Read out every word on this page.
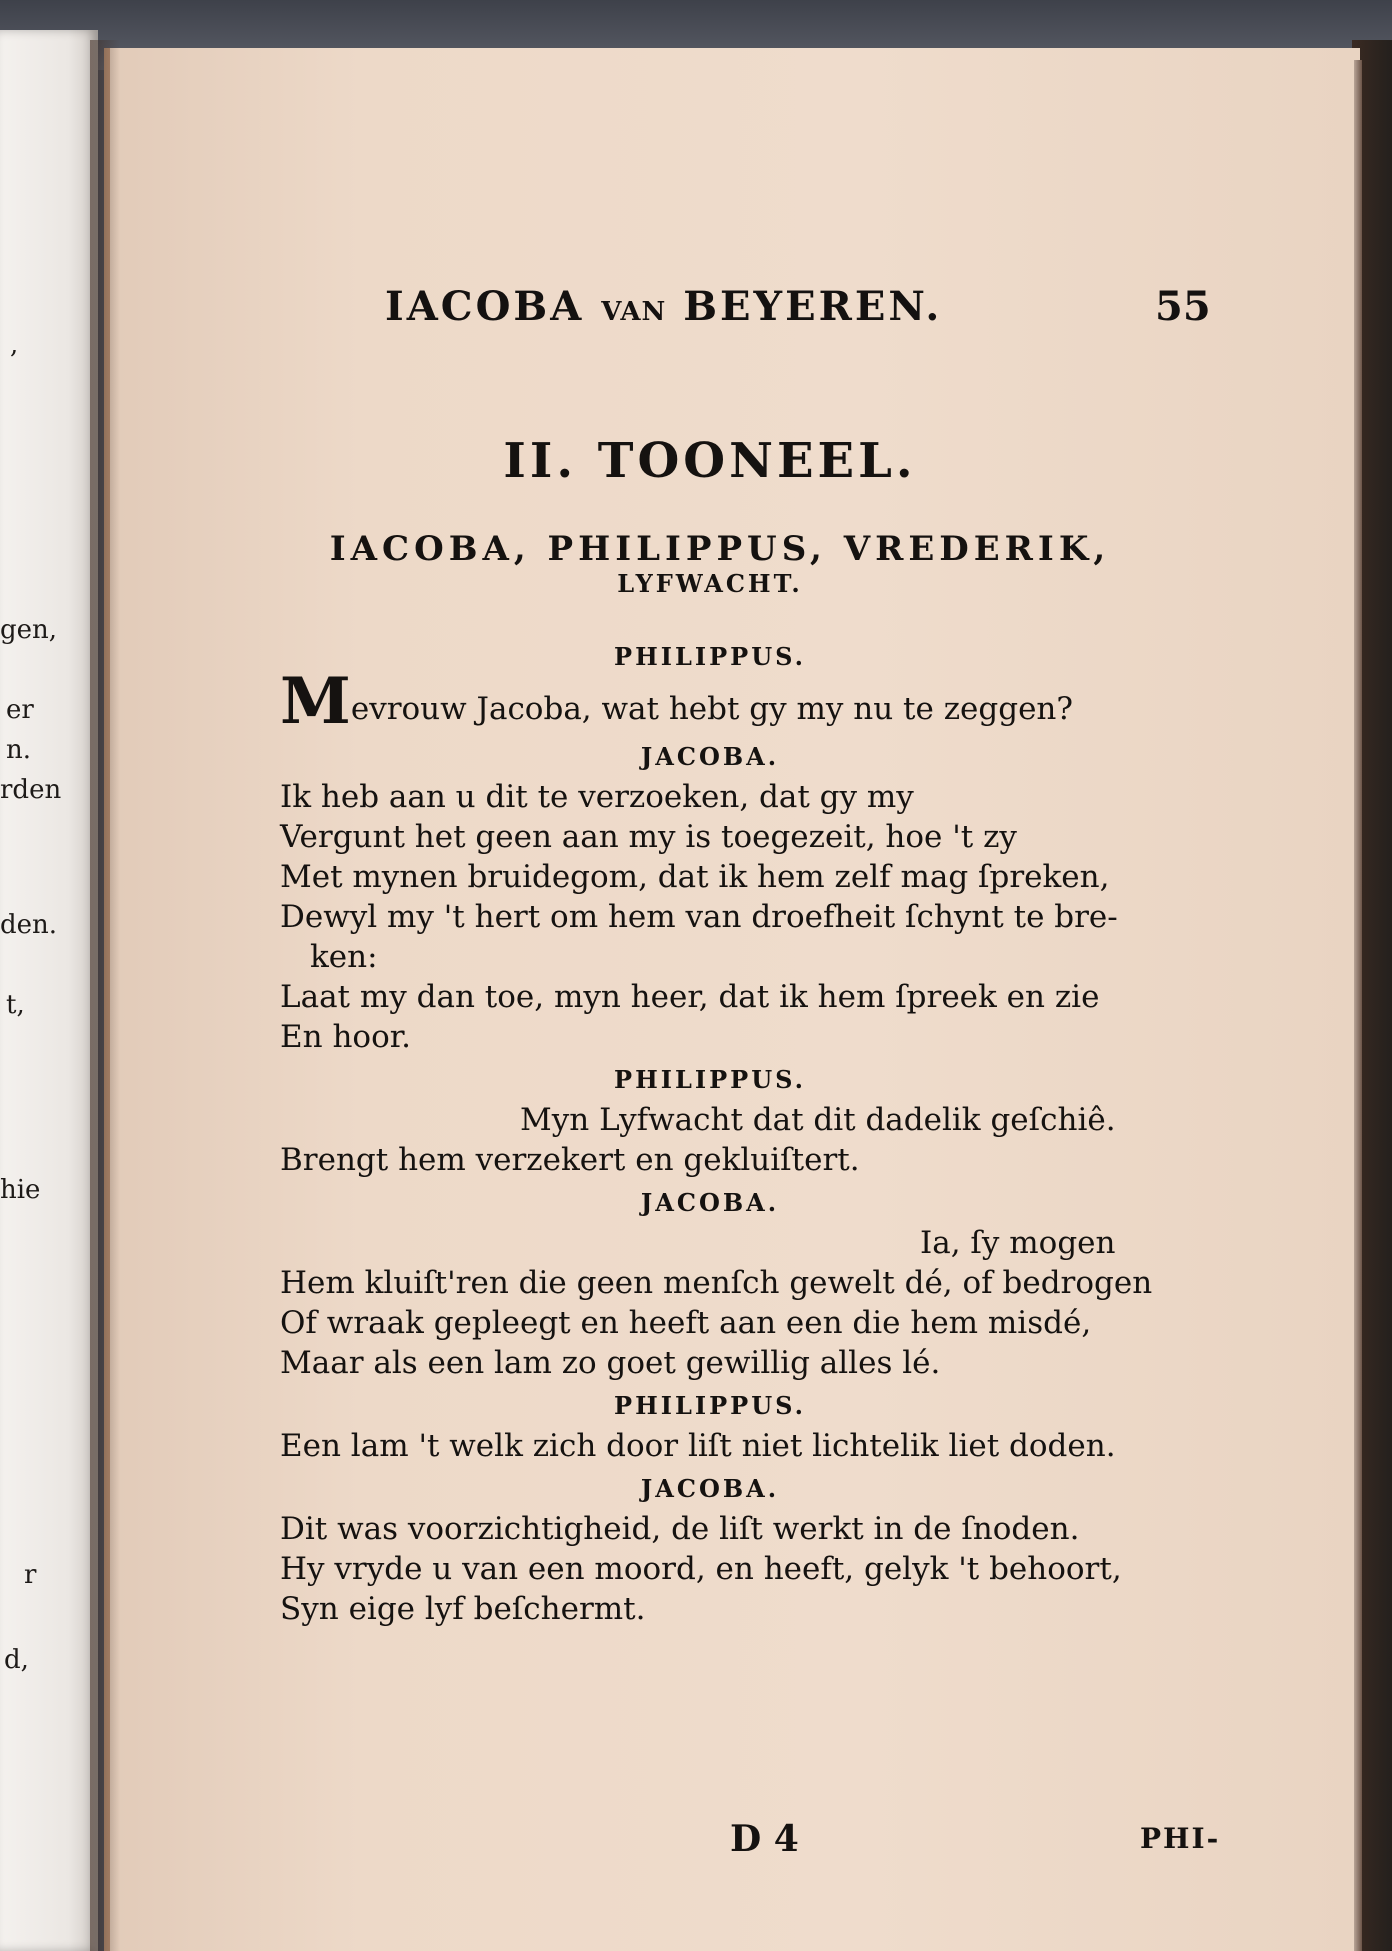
,
gen,
er
n.
rden
den.
t,
hie
r
d,
IACOBA VAN BEYEREN.	55
II. TOONEEL.
IACOBA, PHILIPPUS, VREDERIK,
LYFWACHT.
PHILIPPUS.
Mevrouw Jacoba, wat hebt gy my nu te zeggen?
JACOBA.
Ik heb aan u dit te verzoeken, dat gy my
Vergunt het geen aan my is toegezeit, hoe 't zy
Met mynen bruidegom, dat ik hem zelf mag ſpreken,
Dewyl my 't hert om hem van droefheit ſchynt te bre-
ken:
Laat my dan toe, myn heer, dat ik hem ſpreek en zie
En hoor.
PHILIPPUS.
Myn Lyfwacht dat dit dadelik geſchiê.
Brengt hem verzekert en gekluiſtert.
JACOBA.
Ia, ſy mogen
Hem kluiſt'ren die geen menſch gewelt dé, of bedrogen
Of wraak gepleegt en heeft aan een die hem misdé,
Maar als een lam zo goet gewillig alles lé.
PHILIPPUS.
Een lam 't welk zich door liſt niet lichtelik liet doden.
JACOBA.
Dit was voorzichtigheid, de liſt werkt in de ſnoden.
Hy vryde u van een moord, en heeft, gelyk 't behoort,
Syn eige lyf beſchermt.
D 4	PHI-
